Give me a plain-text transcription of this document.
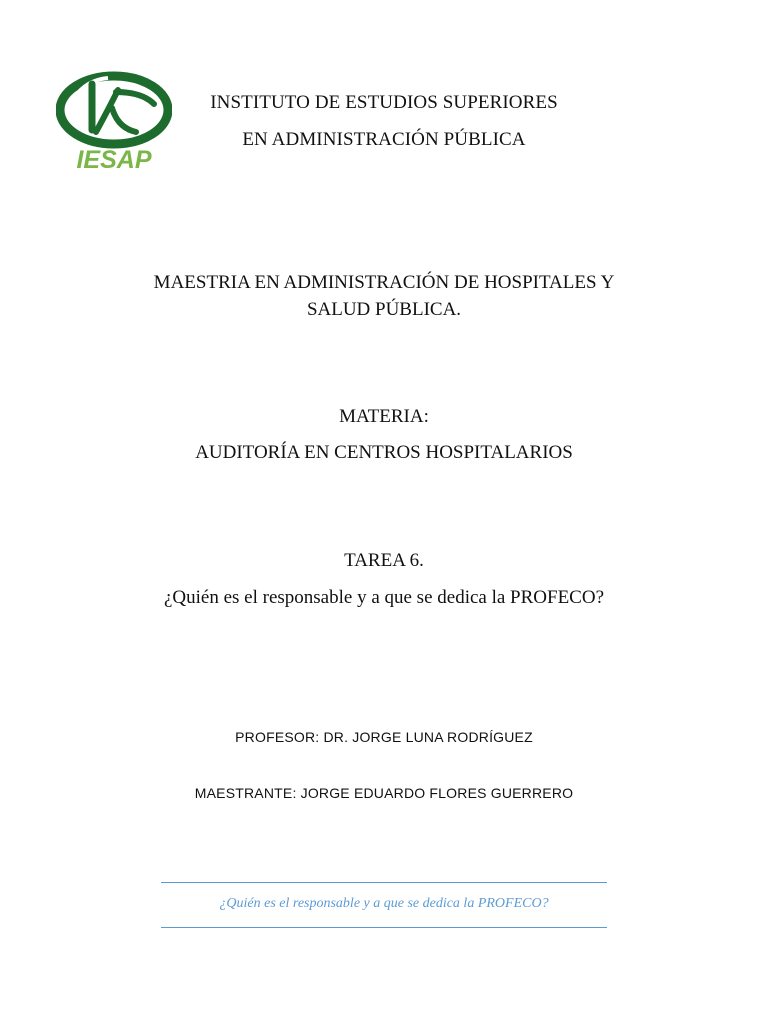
IESAP
INSTITUTO DE ESTUDIOS SUPERIORES
EN ADMINISTRACIÓN PÚBLICA
MAESTRIA EN ADMINISTRACIÓN DE HOSPITALES Y
SALUD PÚBLICA.
MATERIA:
AUDITORÍA EN CENTROS HOSPITALARIOS
TAREA 6.
¿Quién es el responsable y a que se dedica la PROFECO?
PROFESOR: DR. JORGE LUNA RODRÍGUEZ
MAESTRANTE: JORGE EDUARDO FLORES GUERRERO
¿Quién es el responsable y a que se dedica la PROFECO?
